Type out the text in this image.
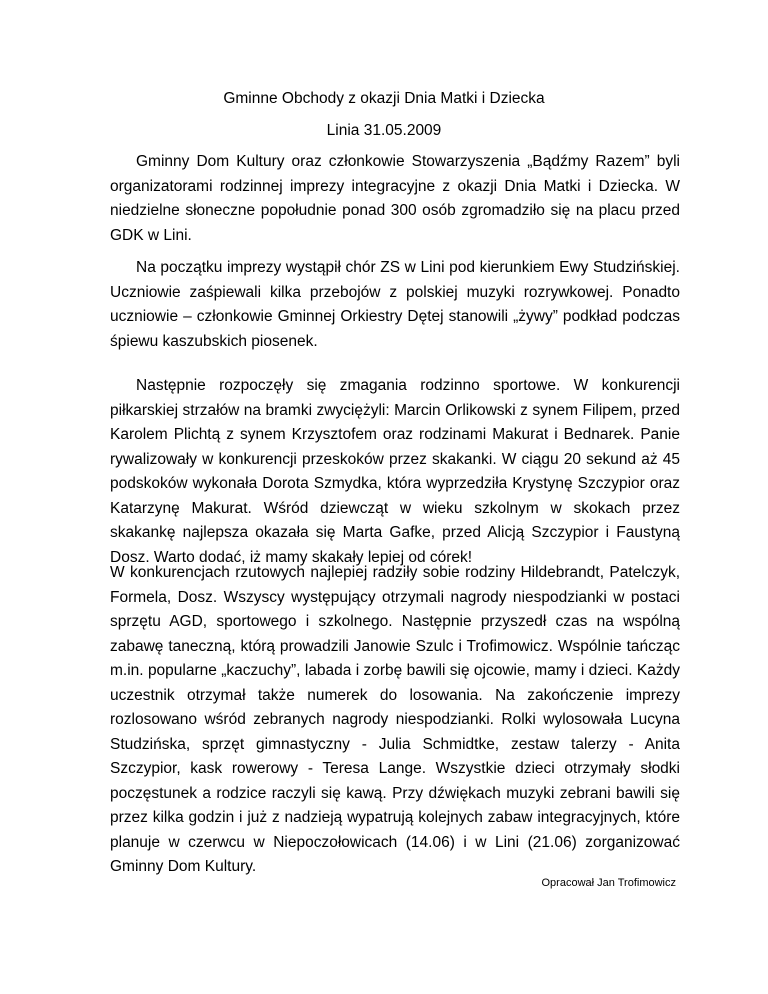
Gminne Obchody z okazji Dnia Matki i Dziecka
Linia 31.05.2009

Gminny Dom Kultury oraz członkowie Stowarzyszenia „Bądźmy Razem” byli organizatorami rodzinnej imprezy integracyjne z okazji Dnia Matki i Dziecka. W niedzielne słoneczne popołudnie ponad 300 osób zgromadziło się na placu przed GDK w Lini.

Na początku imprezy wystąpił chór ZS w Lini pod kierunkiem Ewy Studzińskiej. Uczniowie zaśpiewali kilka przebojów z polskiej muzyki rozrywkowej. Ponadto uczniowie – członkowie Gminnej Orkiestry Dętej stanowili „żywy” podkład podczas śpiewu kaszubskich piosenek.

Następnie rozpoczęły się zmagania rodzinno sportowe. W konkurencji piłkarskiej strzałów na bramki zwyciężyli: Marcin Orlikowski z synem Filipem, przed Karolem Plichtą z synem Krzysztofem oraz rodzinami Makurat i Bednarek. Panie rywalizowały w konkurencji przeskoków przez skakanki. W ciągu 20 sekund aż 45 podskoków wykonała Dorota Szmydka, która wyprzedziła Krystynę Szczypior oraz Katarzynę Makurat. Wśród dziewcząt w wieku szkolnym w skokach przez skakankę najlepsza okazała się Marta Gafke, przed Alicją Szczypior i Faustyną Dosz. Warto dodać, iż mamy skakały lepiej od córek!

W konkurencjach rzutowych najlepiej radziły sobie rodziny Hildebrandt, Patelczyk, Formela, Dosz. Wszyscy występujący otrzymali nagrody niespodzianki w postaci sprzętu AGD, sportowego i szkolnego. Następnie przyszedł czas na wspólną zabawę taneczną, którą prowadzili Janowie Szulc i Trofimowicz. Wspólnie tańcząc m.in. popularne „kaczuchy”, labada i zorbę bawili się ojcowie, mamy i dzieci. Każdy uczestnik otrzymał także numerek do losowania. Na zakończenie imprezy rozlosowano wśród zebranych nagrody niespodzianki. Rolki wylosowała Lucyna Studzińska, sprzęt gimnastyczny - Julia Schmidtke, zestaw talerzy - Anita Szczypior, kask rowerowy - Teresa Lange. Wszystkie dzieci otrzymały słodki poczęstunek a rodzice raczyli się kawą. Przy dźwiękach muzyki zebrani bawili się przez kilka godzin i już z nadzieją wypatrują kolejnych zabaw integracyjnych, które planuje w czerwcu w Niepoczołowicach (14.06) i w Lini (21.06) zorganizować Gminny Dom Kultury.

Opracował Jan Trofimowicz
